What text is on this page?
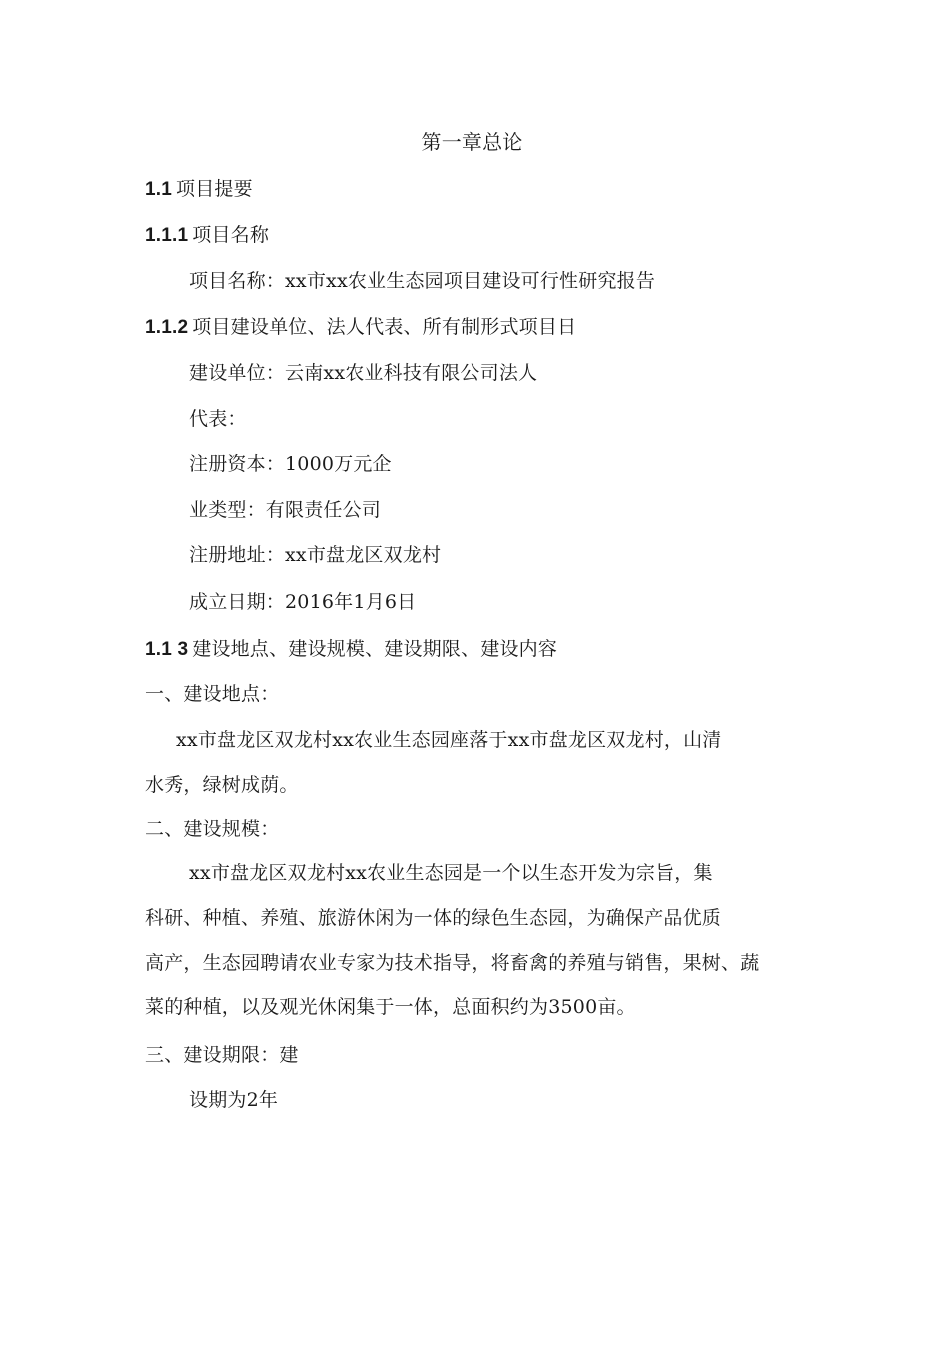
第一章总论
1.1 项目提要
1.1.1 项目名称
项目名称：xx市xx农业生态园项目建设可行性研究报告
1.1.2 项目建设单位、法人代表、所有制形式项目日
建设单位：云南xx农业科技有限公司法人
代表：
注册资本：1000万元企
业类型：有限责任公司
注册地址：xx市盘龙区双龙村
成立日期：2016年1月6日
1.1 3 建设地点、建设规模、建设期限、建设内容
一、建设地点：
xx市盘龙区双龙村xx农业生态园座落于xx市盘龙区双龙村，山清
水秀，绿树成荫。
二、建设规模：
xx市盘龙区双龙村xx农业生态园是一个以生态开发为宗旨，集
科研、种植、养殖、旅游休闲为一体的绿色生态园，为确保产品优质
高产，生态园聘请农业专家为技术指导，将畜禽的养殖与销售，果树、蔬
菜的种植，以及观光休闲集于一体，总面积约为3500亩。
三、建设期限：建
设期为2年
